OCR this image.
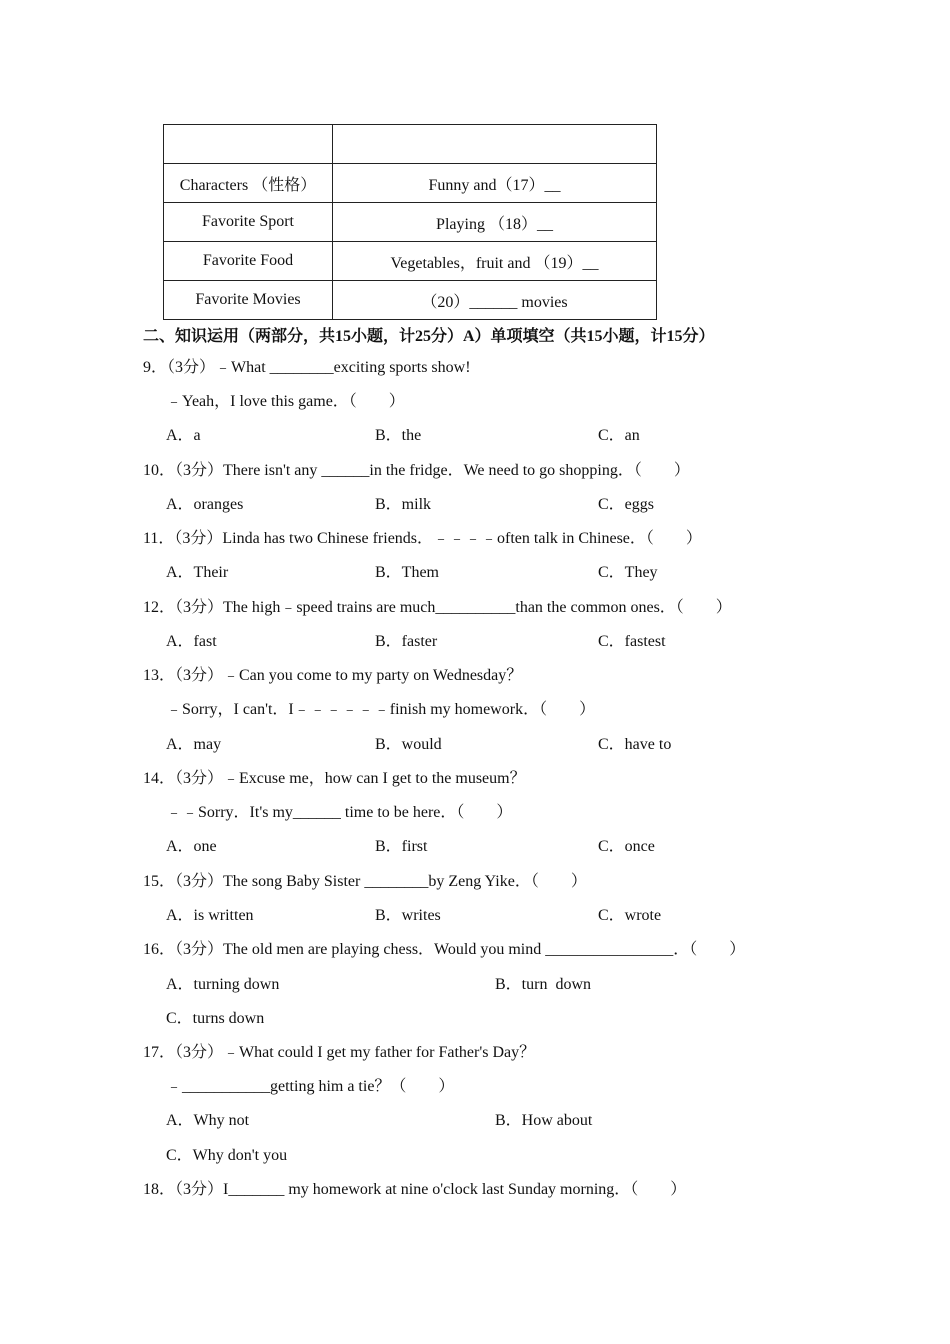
Characters （性格）	Funny and（17）__
Favorite Sport	Playing （18）__
Favorite Food	Vegetables，fruit and （19）__
Favorite Movies	（20）______ movies
二、知识运用（两部分，共15小题，计25分）A）单项填空（共15小题，计15分）
9．（3分）﹣What ________exciting sports show!
﹣Yeah，I love this game．（　　）
A．a	B．the	C．an
10．（3分）There isn't any ______in the fridge．We need to go shopping．（　　）
A．oranges	B．milk	C．eggs
11．（3分）Linda has two Chinese friends．﹣﹣﹣﹣often talk in Chinese．（　　）
A．Their	B．Them	C．They
12．（3分）The high﹣speed trains are much__________than the common ones．（　　）
A．fast	B．faster	C．fastest
13．（3分）﹣Can you come to my party on Wednesday？
﹣Sorry，I can't．I﹣﹣﹣﹣﹣﹣finish my homework．（　　）
A．may	B．would	C．have to
14．（3分）﹣Excuse me，how can I get to the museum？
﹣﹣Sorry．It's my______ time to be here．（　　）
A．one	B．first	C．once
15．（3分）The song Baby Sister ________by Zeng Yike．（　　）
A．is written	B．writes	C．wrote
16．（3分）The old men are playing chess．Would you mind ________________．（　　）
A．turning down	B．turn  down
C．turns down
17．（3分）﹣What could I get my father for Father's Day？
﹣___________getting him a tie？（　　）
A．Why not	B．How about
C．Why don't you
18．（3分）I_______ my homework at nine o'clock last Sunday morning．（　　）
